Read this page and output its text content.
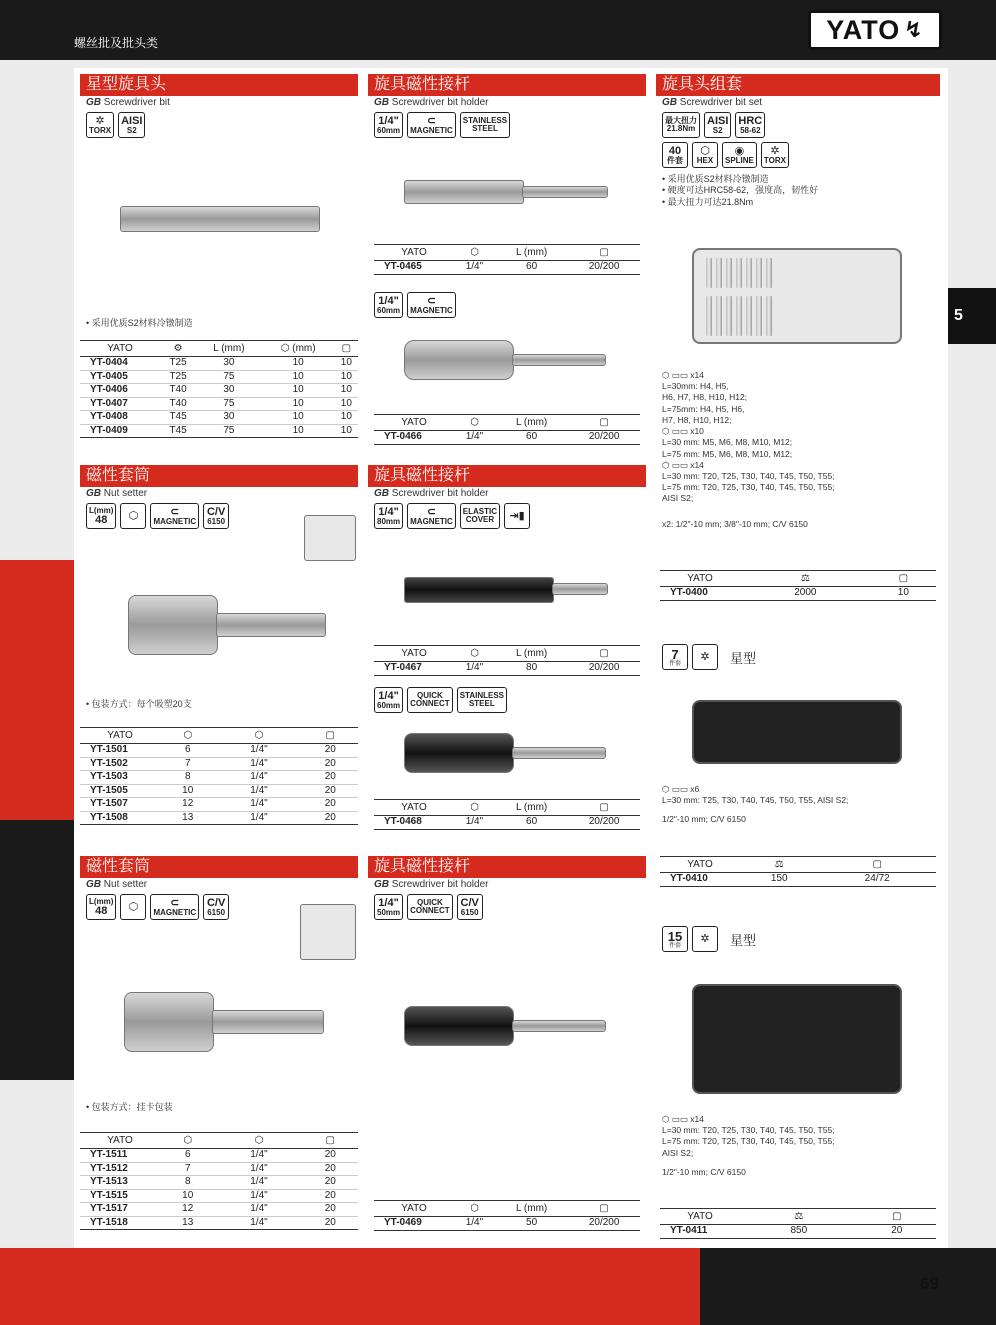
螺丝批及批头类	YATO ↯
5
69
星型旋具头
GB Screwdriver bit
✲
TORX
AISI
S2
• 采用优质S2材料冷镦制造
YATO	⚙	L (mm)	⬡ (mm)	▢
YT-0404	T25	30	10	10
YT-0405	T25	75	10	10
YT-0406	T40	30	10	10
YT-0407	T40	75	10	10
YT-0408	T45	30	10	10
YT-0409	T45	75	10	10
磁性套筒
GB Nut setter
L(mm)
48 ⬡	⊂
MAGNETIC
C/V
6150
• 包装方式：每个吸塑20支
YATO	⬡	⬡	▢
YT-1501	6	1/4"	20
YT-1502	7	1/4"	20
YT-1503	8	1/4"	20
YT-1505	10	1/4"	20
YT-1507	12	1/4"	20
YT-1508	13	1/4"	20
磁性套筒
GB Nut setter
L(mm)
48 ⬡	⊂
MAGNETIC
C/V
6150
• 包装方式：挂卡包装
YATO	⬡	⬡	▢
YT-1511	6	1/4"	20
YT-1512	7	1/4"	20
YT-1513	8	1/4"	20
YT-1515	10	1/4"	20
YT-1517	12	1/4"	20
YT-1518	13	1/4"	20
旋具磁性接杆
GB Screwdriver bit holder
1/4"
60mm
⊂
MAGNETIC
STAINLESS
STEEL
YATO	⬡	L (mm)	▢
YT-0465	1/4"	60	20/200
1/4"
60mm
⊂
MAGNETIC
YATO	⬡	L (mm)	▢
YT-0466	1/4"	60	20/200
旋具磁性接杆
GB Screwdriver bit holder
1/4"
80mm
⊂
MAGNETIC
ELASTIC
COVER ⇥▮
YATO	⬡	L (mm)	▢
YT-0467	1/4"	80	20/200
1/4"
60mm
QUICK
CONNECT
STAINLESS
STEEL
YATO	⬡	L (mm)	▢
YT-0468	1/4"	60	20/200
旋具磁性接杆
GB Screwdriver bit holder
1/4"
50mm
QUICK
CONNECT
C/V
6150
YATO	⬡	L (mm)	▢
YT-0469	1/4"	50	20/200
旋具头组套
GB Screwdriver bit set
最大扭力
21.8Nm
AISI
S2
HRC
58-62
40
件套
⬡
HEX
◉
SPLINE
✲
TORX
• 采用优质S2材料冷镦制造
• 硬度可达HRC58-62，强度高，韧性好
• 最大扭力可达21.8Nm
⬡ ▭▭ x14
L=30mm: H4, H5,
H6, H7, H8, H10, H12;
L=75mm: H4, H5, H6,
H7, H8, H10, H12;
⬡ ▭▭ x10
L=30 mm: M5, M6, M8, M10, M12;
L=75 mm: M5, M6, M8, M10, M12;
⬡ ▭▭ x14
L=30 mm: T20, T25, T30, T40, T45, T50, T55;
L=75 mm: T20, T25, T30, T40, T45, T50, T55;
AISI S2;
x2: 1/2"-10 mm; 3/8"-10 mm; C/V 6150
YATO	⚖	▢
YT-0400	2000	10
7
件套
✲ 星型
⬡ ▭▭ x6
L=30 mm: T25, T30, T40, T45, T50, T55, AISI S2;
1/2"-10 mm; C/V 6150
YATO	⚖	▢
YT-0410	150	24/72
15
件套
✲ 星型
⬡ ▭▭ x14
L=30 mm: T20, T25, T30, T40, T45, T50, T55;
L=75 mm: T20, T25, T30, T40, T45, T50, T55;
AISI S2;
1/2"-10 mm; C/V 6150
YATO	⚖	▢
YT-0411	850	20
